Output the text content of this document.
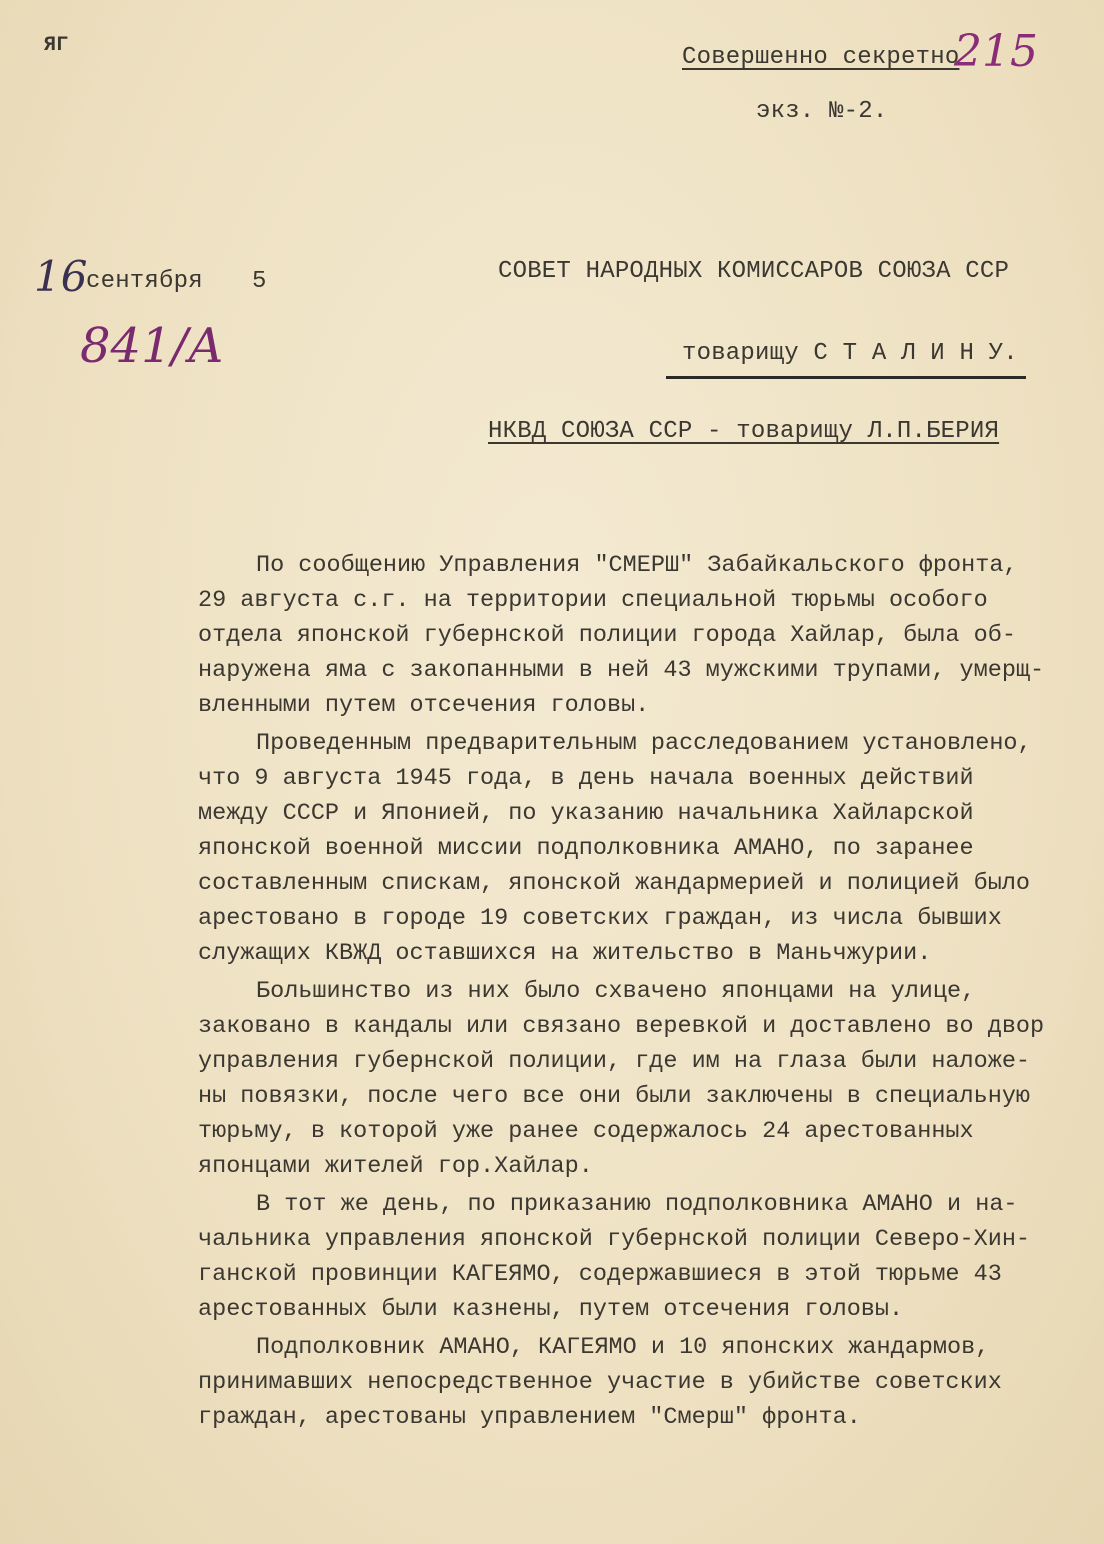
ЯГ	Совершенно секретно
215
экз. №-2.
16
сентября 5
841/А
СОВЕТ НАРОДНЫХ КОМИССАРОВ СОЮЗА ССР
товарищу С Т А Л И Н У.
НКВД СОЮЗА ССР - товарищу Л.П.БЕРИЯ
По сообщению Управления "СМЕРШ" Забайкальского фронта,
29 августа с.г. на территории специальной тюрьмы особого
отдела японской губернской полиции города Хайлар, была об-
наружена яма с закопанными в ней 43 мужскими трупами, умерщ-
вленными путем отсечения головы.
Проведенным предварительным расследованием установлено,
что 9 августа 1945 года, в день начала военных действий
между СССР и Японией, по указанию начальника Хайларской
японской военной миссии подполковника АМАНО, по заранее
составленным спискам, японской жандармерией и полицией было
арестовано в городе 19 советских граждан, из числа бывших
служащих КВЖД оставшихся на жительство в Маньчжурии.
Большинство из них было схвачено японцами на улице,
заковано в кандалы или связано веревкой и доставлено во двор
управления губернской полиции, где им на глаза были наложе-
ны повязки, после чего все они были заключены в специальную
тюрьму, в которой уже ранее содержалось 24 арестованных
японцами жителей гор.Хайлар.
В тот же день, по приказанию подполковника АМАНО и на-
чальника управления японской губернской полиции Северо-Хин-
ганской провинции КАГЕЯМО, содержавшиеся в этой тюрьме 43
арестованных были казнены, путем отсечения головы.
Подполковник АМАНО, КАГЕЯМО и 10 японских жандармов,
принимавших непосредственное участие в убийстве советских
граждан, арестованы управлением "Смерш" фронта.
